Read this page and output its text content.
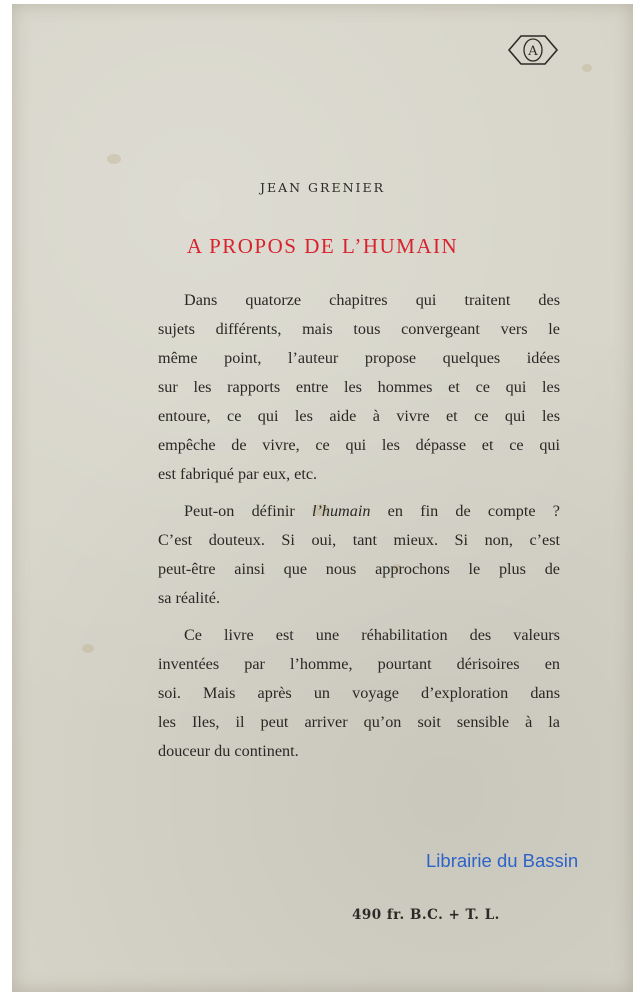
A
JEAN GRENIER
A PROPOS DE L’HUMAIN
Dans quatorze chapitres qui traitent des
sujets différents, mais tous convergeant vers le
même point, l’auteur propose quelques idées
sur les rapports entre les hommes et ce qui les
entoure, ce qui les aide à vivre et ce qui les
empêche de vivre, ce qui les dépasse et ce qui
est fabriqué par eux, etc.
Peut-on définir l’humain en fin de compte ?
C’est douteux. Si oui, tant mieux. Si non, c’est
peut-être ainsi que nous approchons le plus de
sa réalité.
Ce livre est une réhabilitation des valeurs
inventées par l’homme, pourtant dérisoires en
soi. Mais après un voyage d’exploration dans
les Iles, il peut arriver qu’on soit sensible à la
douceur du continent.
Librairie du Bassin
490 fr. B.C. + T. L.
